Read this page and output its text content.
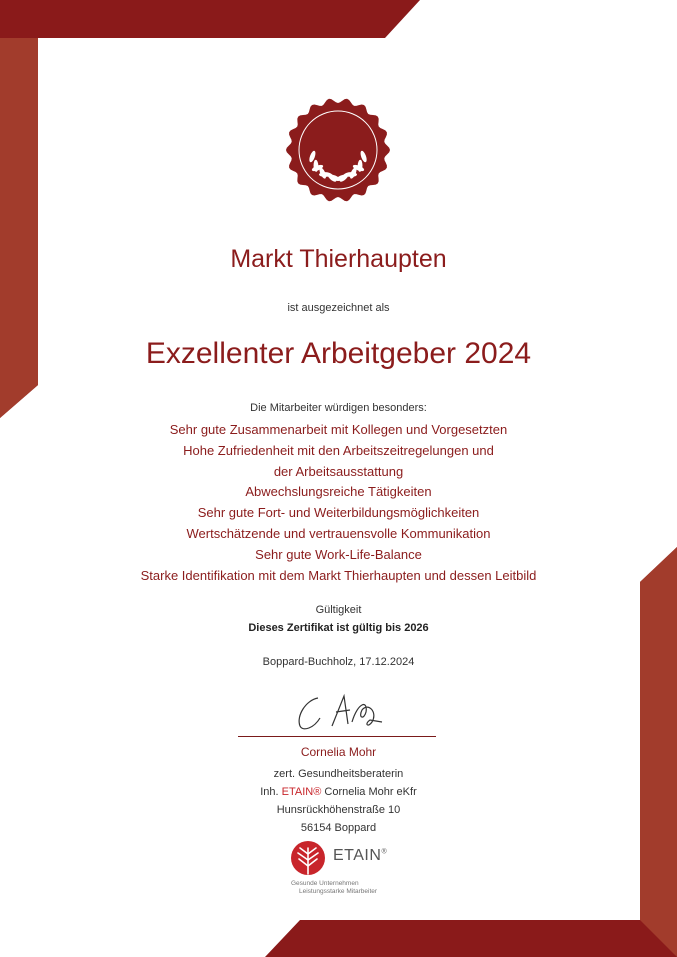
Markt Thierhaupten
ist ausgezeichnet als
Exzellenter Arbeitgeber 2024
Die Mitarbeiter würdigen besonders:
Sehr gute Zusammenarbeit mit Kollegen und Vorgesetzten
Hohe Zufriedenheit mit den Arbeitszeitregelungen und
der Arbeitsausstattung
Abwechslungsreiche Tätigkeiten
Sehr gute Fort- und Weiterbildungsmöglichkeiten
Wertschätzende und vertrauensvolle Kommunikation
Sehr gute Work-Life-Balance
Starke Identifikation mit dem Markt Thierhaupten und dessen Leitbild
Gültigkeit
Dieses Zertifikat ist gültig bis 2026
Boppard-Buchholz, 17.12.2024
Cornelia Mohr
zert. Gesundheitsberaterin
Inh. ETAIN® Cornelia Mohr eKfr
Hunsrückhöhenstraße 10
56154 Boppard
ETAIN®
Gesunde Unternehmen
Leistungsstarke Mitarbeiter
